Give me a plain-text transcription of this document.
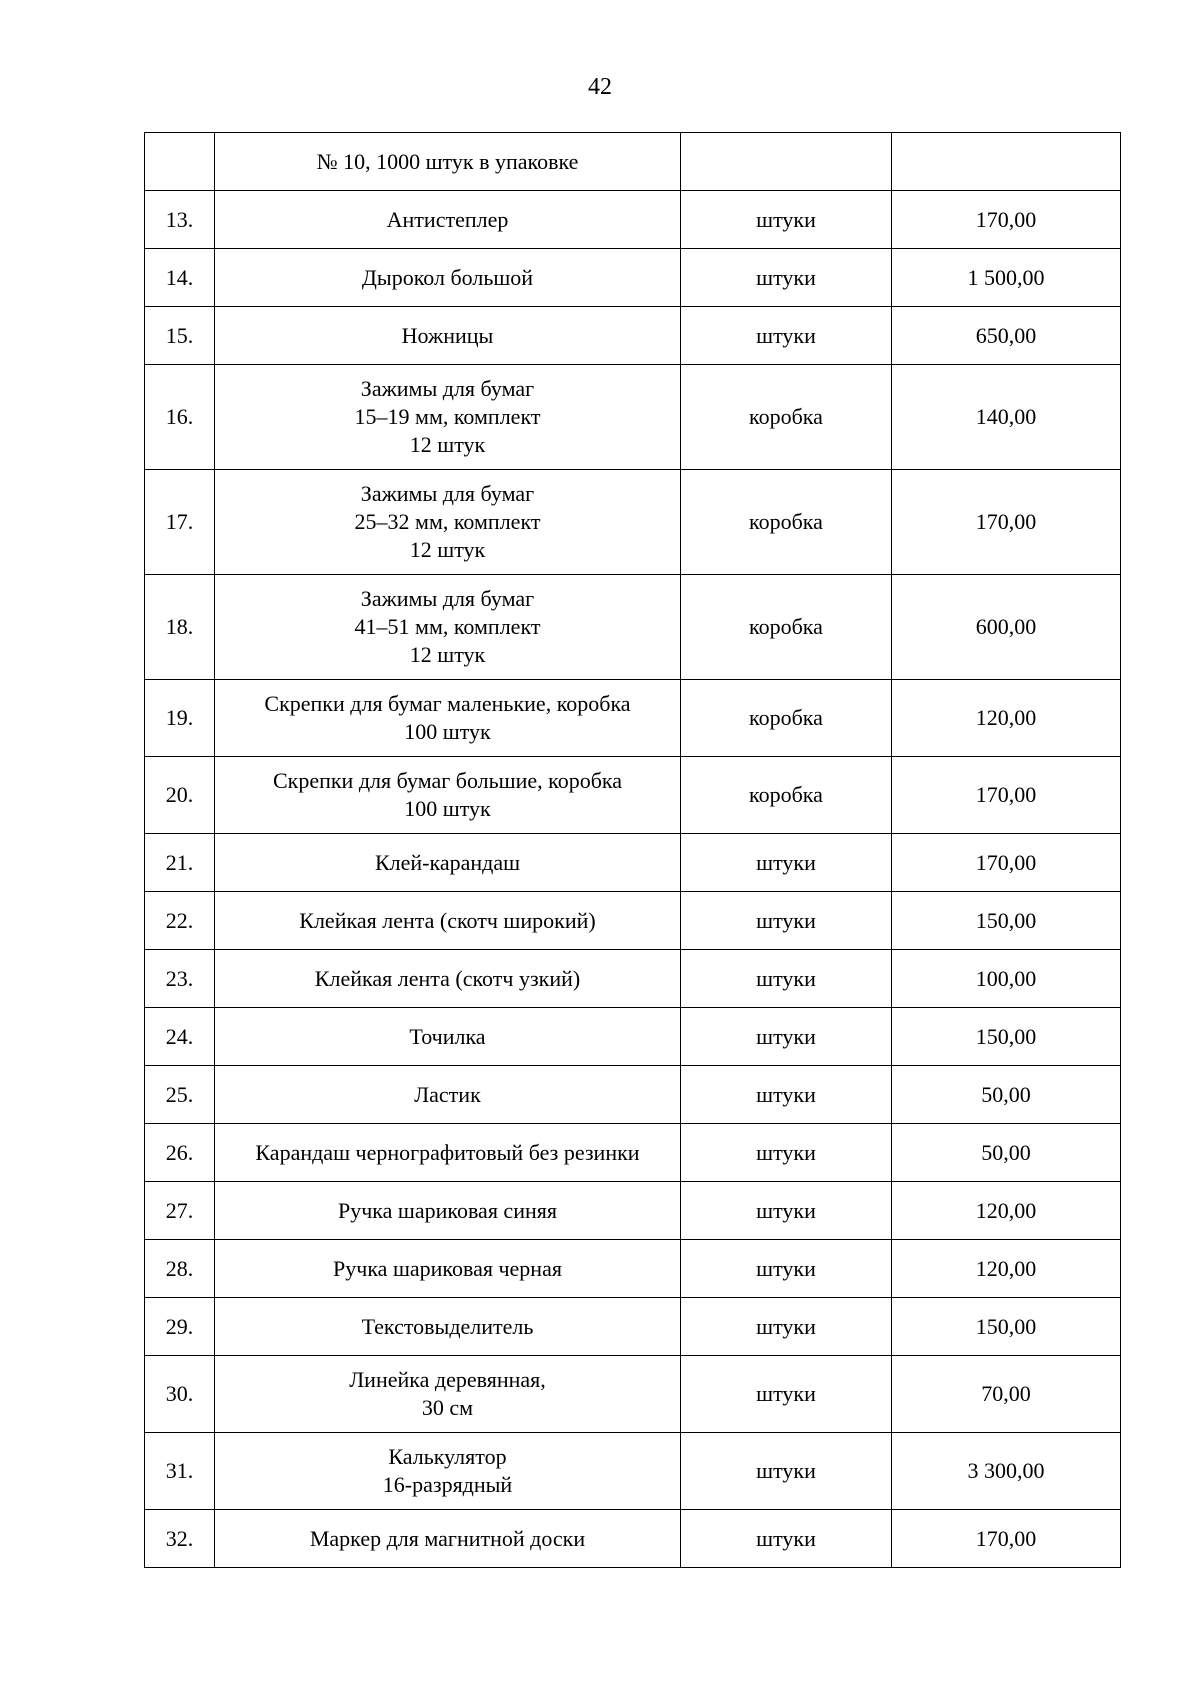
42
	№ 10, 1000 штук в упаковке		
13.	Антистеплер	штуки	170,00
14.	Дырокол большой	штуки	1 500,00
15.	Ножницы	штуки	650,00
16.	Зажимы для бумаг
15–19 мм, комплект
12 штук	коробка	140,00
17.	Зажимы для бумаг
25–32 мм, комплект
12 штук	коробка	170,00
18.	Зажимы для бумаг
41–51 мм, комплект
12 штук	коробка	600,00
19.	Скрепки для бумаг маленькие, коробка
100 штук	коробка	120,00
20.	Скрепки для бумаг большие, коробка
100 штук	коробка	170,00
21.	Клей-карандаш	штуки	170,00
22.	Клейкая лента (скотч широкий)	штуки	150,00
23.	Клейкая лента (скотч узкий)	штуки	100,00
24.	Точилка	штуки	150,00
25.	Ластик	штуки	50,00
26.	Карандаш чернографитовый без резинки	штуки	50,00
27.	Ручка шариковая синяя	штуки	120,00
28.	Ручка шариковая черная	штуки	120,00
29.	Текстовыделитель	штуки	150,00
30.	Линейка деревянная,
30 см	штуки	70,00
31.	Калькулятор
16-разрядный	штуки	3 300,00
32.	Маркер для магнитной доски	штуки	170,00
